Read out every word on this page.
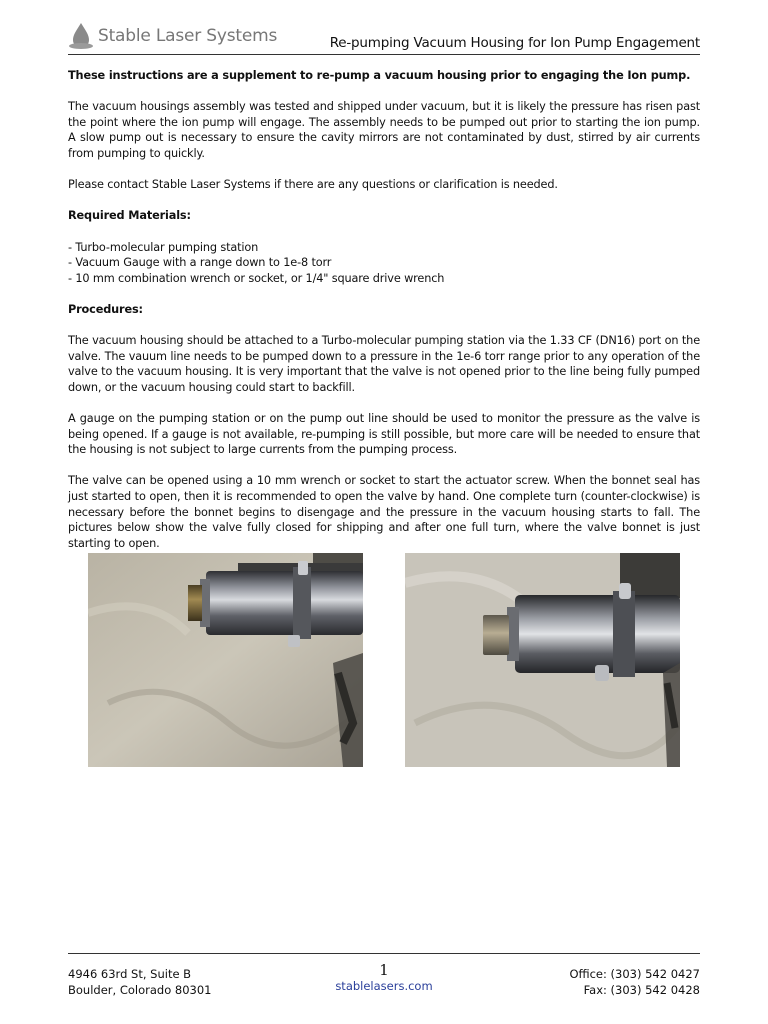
Stable Laser Systems	Re-pumping Vacuum Housing for Ion Pump Engagement

These instructions are a supplement to re-pump a vacuum housing prior to engaging the Ion pump.

The vacuum housings assembly was tested and shipped under vacuum, but it is likely the pressure has risen past the point where the ion pump will engage. The assembly needs to be pumped out prior to starting the ion pump. A slow pump out is necessary to ensure the cavity mirrors are not contaminated by dust, stirred by air currents from pumping to quickly.

Please contact Stable Laser Systems if there are any questions or clarification is needed.

Required Materials:

- Turbo-molecular pumping station
- Vacuum Gauge with a range down to 1e-8 torr
- 10 mm combination wrench or socket, or 1/4" square drive wrench

Procedures:

The vacuum housing should be attached to a Turbo-molecular pumping station via the 1.33 CF (DN16) port on the valve. The vauum line needs to be pumped down to a pressure in the 1e-6 torr range prior to any operation of the valve to the vacuum housing. It is very important that the valve is not opened prior to the line being fully pumped down, or the vacuum housing could start to backfill.

A gauge on the pumping station or on the pump out line should be used to monitor the pressure as the valve is being opened. If a gauge is not available, re-pumping is still possible, but more care will be needed to ensure that the housing is not subject to large currents from the pumping process.

The valve can be opened using a 10 mm wrench or socket to start the actuator screw. When the bonnet seal has just started to open, then it is recommended to open the valve by hand. One complete turn (counter-clockwise) is necessary before the bonnet begins to disengage and the pressure in the vacuum housing starts to fall. The pictures below show the valve fully closed for shipping and after one full turn, where the valve bonnet is just starting to open.

4946 63rd St, Suite B
Boulder, Colorado 80301
1
stablelasers.com
Office: (303) 542 0427
Fax: (303) 542 0428
